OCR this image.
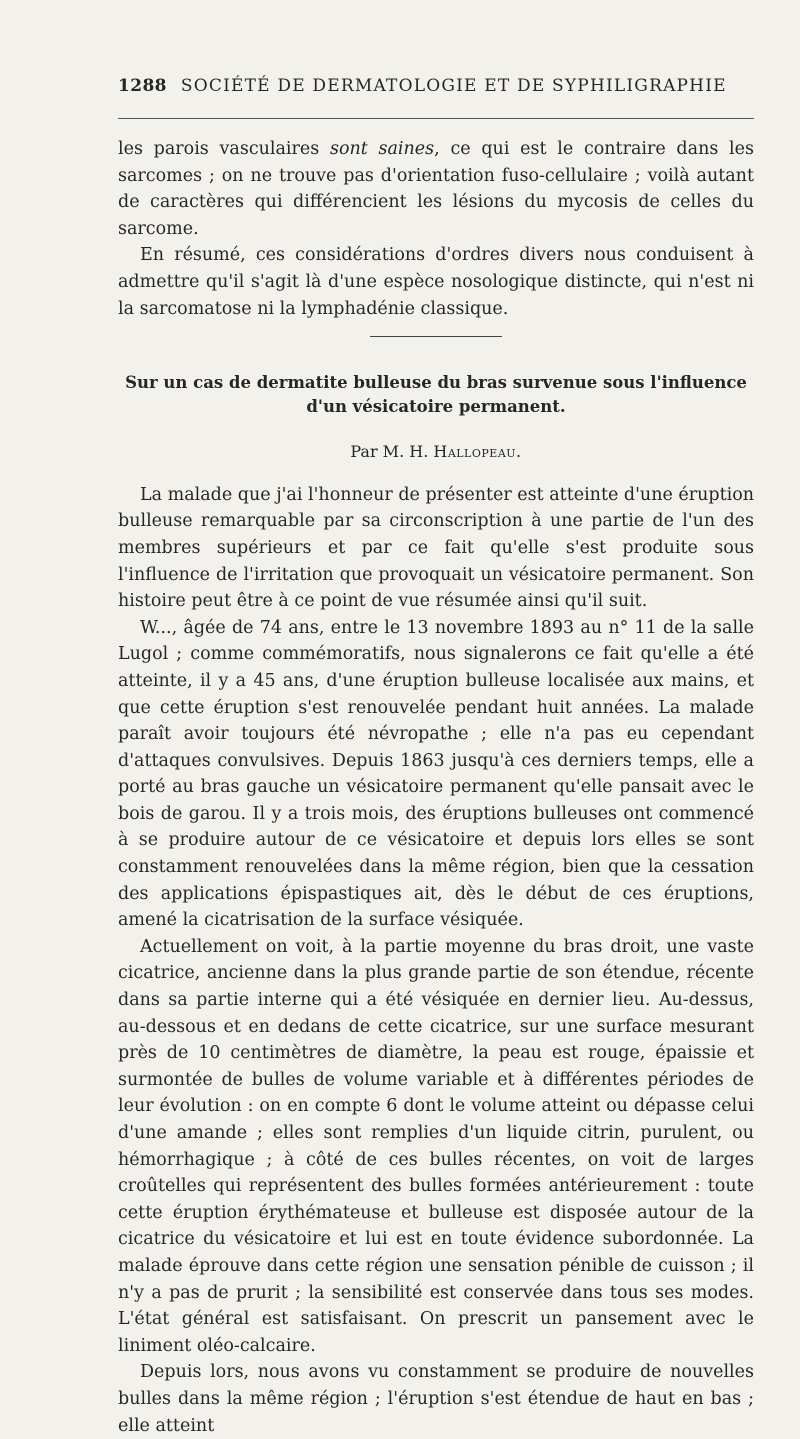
1288 SOCIÉTÉ DE DERMATOLOGIE ET DE SYPHILIGRAPHIE

les parois vasculaires sont saines, ce qui est le contraire dans les sarcomes ; on ne trouve pas d'orientation fuso-cellulaire ; voilà autant de caractères qui différencient les lésions du mycosis de celles du sarcome.

En résumé, ces considérations d'ordres divers nous conduisent à admettre qu'il s'agit là d'une espèce nosologique distincte, qui n'est ni la sarcomatose ni la lymphadénie classique.

Sur un cas de dermatite bulleuse du bras survenue sous l'influence d'un vésicatoire permanent.
Par M. H. Hallopeau.

La malade que j'ai l'honneur de présenter est atteinte d'une éruption bulleuse remarquable par sa circonscription à une partie de l'un des membres supérieurs et par ce fait qu'elle s'est produite sous l'influence de l'irritation que provoquait un vésicatoire permanent. Son histoire peut être à ce point de vue résumée ainsi qu'il suit.

W..., âgée de 74 ans, entre le 13 novembre 1893 au n° 11 de la salle Lugol ; comme commémoratifs, nous signalerons ce fait qu'elle a été atteinte, il y a 45 ans, d'une éruption bulleuse localisée aux mains, et que cette éruption s'est renouvelée pendant huit années. La malade paraît avoir toujours été névropathe ; elle n'a pas eu cependant d'attaques convulsives. Depuis 1863 jusqu'à ces derniers temps, elle a porté au bras gauche un vésicatoire permanent qu'elle pansait avec le bois de garou. Il y a trois mois, des éruptions bulleuses ont commencé à se produire autour de ce vésicatoire et depuis lors elles se sont constamment renouvelées dans la même région, bien que la cessation des applications épispastiques ait, dès le début de ces éruptions, amené la cicatrisation de la surface vésiquée.

Actuellement on voit, à la partie moyenne du bras droit, une vaste cicatrice, ancienne dans la plus grande partie de son étendue, récente dans sa partie interne qui a été vésiquée en dernier lieu. Au-dessus, au-dessous et en dedans de cette cicatrice, sur une surface mesurant près de 10 centimètres de diamètre, la peau est rouge, épaissie et surmontée de bulles de volume variable et à différentes périodes de leur évolution : on en compte 6 dont le volume atteint ou dépasse celui d'une amande ; elles sont remplies d'un liquide citrin, purulent, ou hémorrhagique ; à côté de ces bulles récentes, on voit de larges croûtelles qui représentent des bulles formées antérieurement : toute cette éruption érythémateuse et bulleuse est disposée autour de la cicatrice du vésicatoire et lui est en toute évidence subordonnée. La malade éprouve dans cette région une sensation pénible de cuisson ; il n'y a pas de prurit ; la sensibilité est conservée dans tous ses modes. L'état général est satisfaisant. On prescrit un pansement avec le liniment oléo-calcaire.

Depuis lors, nous avons vu constamment se produire de nouvelles bulles dans la même région ; l'éruption s'est étendue de haut en bas ; elle atteint
